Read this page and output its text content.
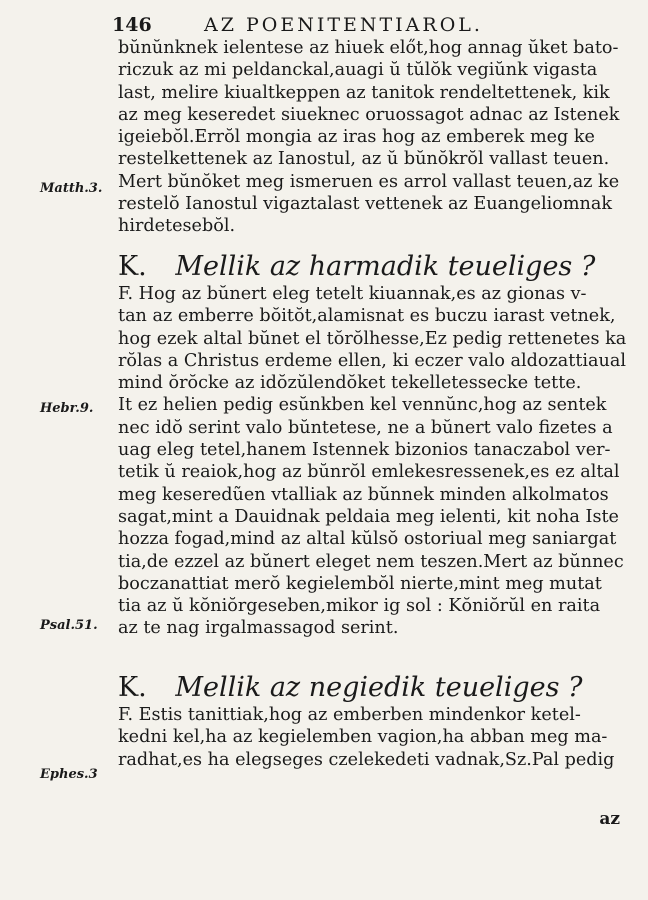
146	AZ POENITENTIAROL.
bŭnŭnknek ielentese az hiuek előt,hog annag ŭket bato-
riczuk az mi peldanckal,auagi ŭ tŭlŏk vegiŭnk vigasta
last, melire kiualtkeppen az tanitok rendeltettenek, kik
az meg keseredet siueknec oruossagot adnac az Istenek
igeiebŏl.Errŏl mongia az iras hog az emberek meg ke
restelkettenek az Ianostul, az ŭ bŭnŏkrŏl vallast teuen.
Mert bŭnŏket meg ismeruen es arrol vallast teuen,az ke
restelŏ Ianostul vigaztalast vettenek az Euangeliomnak
hirdetesebŏl.
K. Mellik az harmadik teueliges ?
F. Hog az bŭnert eleg tetelt kiuannak,es az gionas v-
tan az emberre bŏitŏt,alamisnat es buczu iarast vetnek,
hog ezek altal bŭnet el tŏrŏlhesse,Ez pedig rettenetes ka
rŏlas a Christus erdeme ellen, ki eczer valo aldozattiaual
mind ŏrŏcke az idŏzŭlendŏket tekelletessecke tette.
It ez helien pedig esŭnkben kel vennŭnc,hog az sentek
nec idŏ serint valo bŭntetese, ne a bŭnert valo fizetes a
uag eleg tetel,hanem Istennek bizonios tanaczabol ver-
tetik ŭ reaiok,hog az bŭnrŏl emlekesressenek,es ez altal
meg keseredũen vtalliak az bŭnnek minden alkolmatos
sagat,mint a Dauidnak peldaia meg ielenti, kit noha Iste
hozza fogad,mind az altal kŭlsŏ ostoriual meg saniargat
tia,de ezzel az bŭnert eleget nem teszen.Mert az bŭnnec
boczanattiat merŏ kegielembŏl nierte,mint meg mutat
tia az ŭ kŏniŏrgeseben,mikor ig sol : Kŏniŏrŭl en raita
az te nag irgalmassagod serint.
K. Mellik az negiedik teueliges ?
F. Estis tanittiak,hog az emberben mindenkor ketel-
kedni kel,ha az kegielemben vagion,ha abban meg ma-
radhat,es ha elegseges czelekedeti vadnak,Sz.Pal pedig
Matth.3.
Hebr.9.
Psal.51.
Ephes.3
az
